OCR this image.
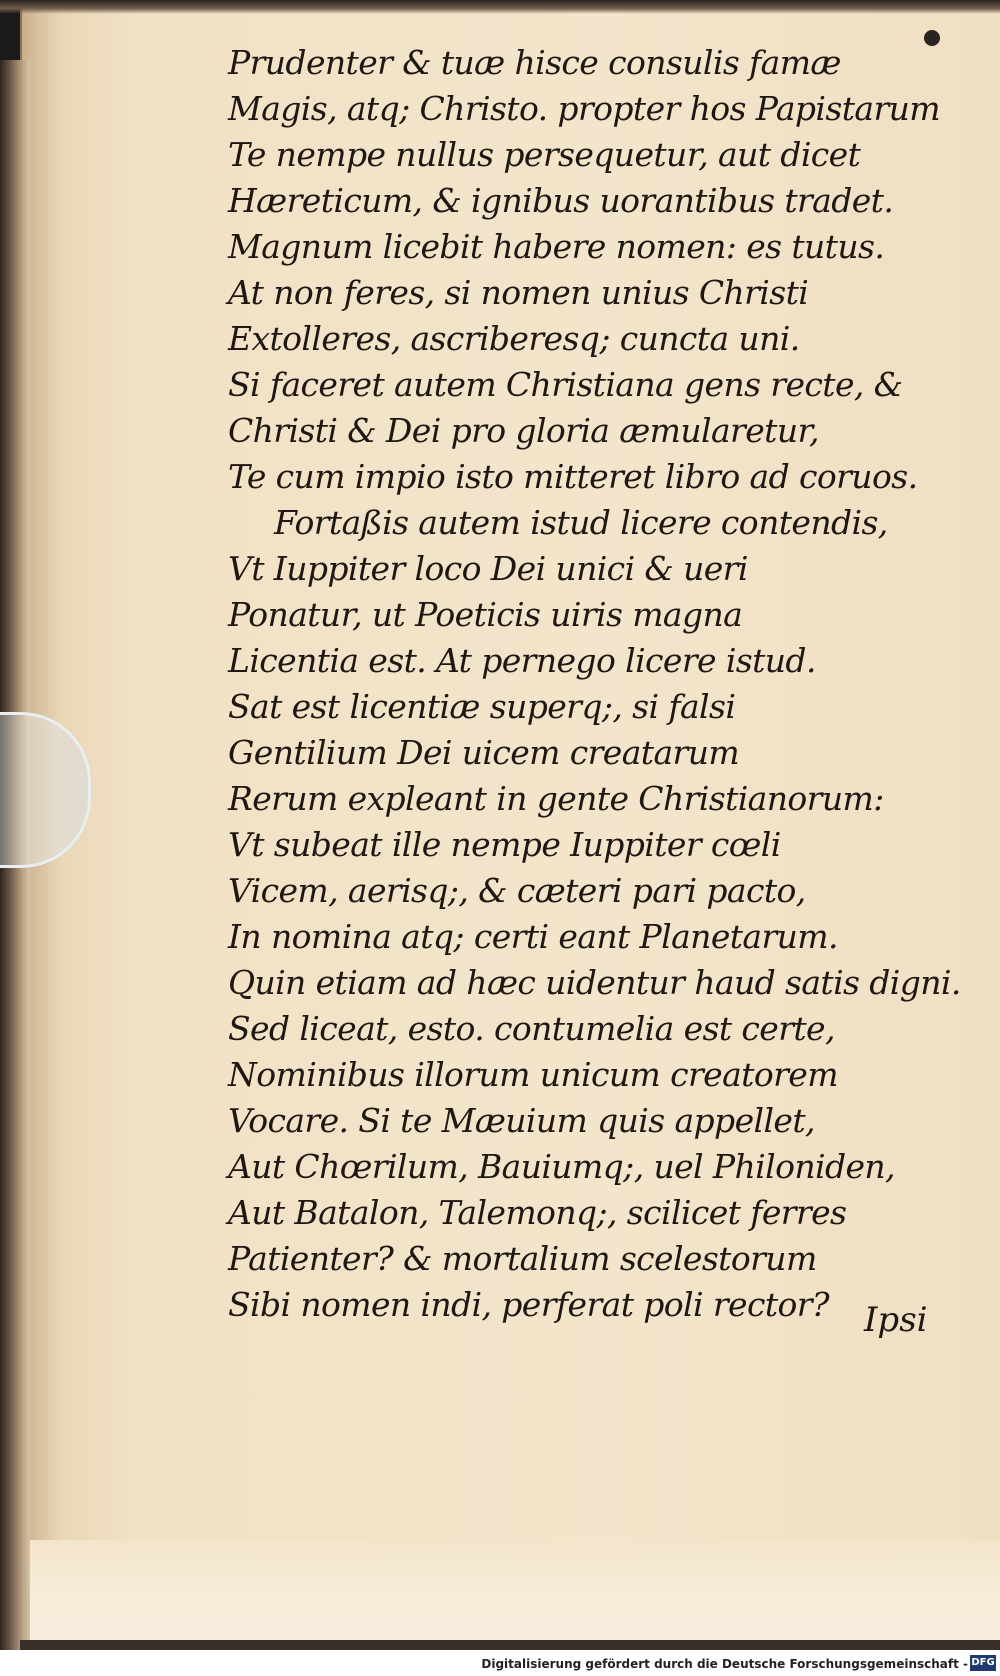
Prudenter & tuæ hisce consulis famæ
Magis, atq; Christo. propter hos Papistarum
Te nempe nullus persequetur, aut dicet
Hæreticum, & ignibus uorantibus tradet.
Magnum licebit habere nomen: es tutus.
At non feres, si nomen unius Christi
Extolleres, ascriberesq; cuncta uni.
Si faceret autem Christiana gens recte, &
Christi & Dei pro gloria æmularetur,
Te cum impio isto mitteret libro ad coruos.
Fortaßis autem istud licere contendis,
Vt Iuppiter loco Dei unici & ueri
Ponatur, ut Poeticis uiris magna
Licentia est. At pernego licere istud.
Sat est licentiæ superq;, si falsi
Gentilium Dei uicem creatarum
Rerum expleant in gente Christianorum:
Vt subeat ille nempe Iuppiter cœli
Vicem, aerisq;, & cæteri pari pacto,
In nomina atq; certi eant Planetarum.
Quin etiam ad hæc uidentur haud satis digni.
Sed liceat, esto. contumelia est certe,
Nominibus illorum unicum creatorem
Vocare. Si te Mæuium quis appellet,
Aut Chœrilum, Bauiumq;, uel Philoniden,
Aut Batalon, Talemonq;, scilicet ferres
Patienter? & mortalium scelestorum
Sibi nomen indi, perferat poli rector?	Ipsi
Digitalisierung gefördert durch die Deutsche Forschungsgemeinschaft - DFG
